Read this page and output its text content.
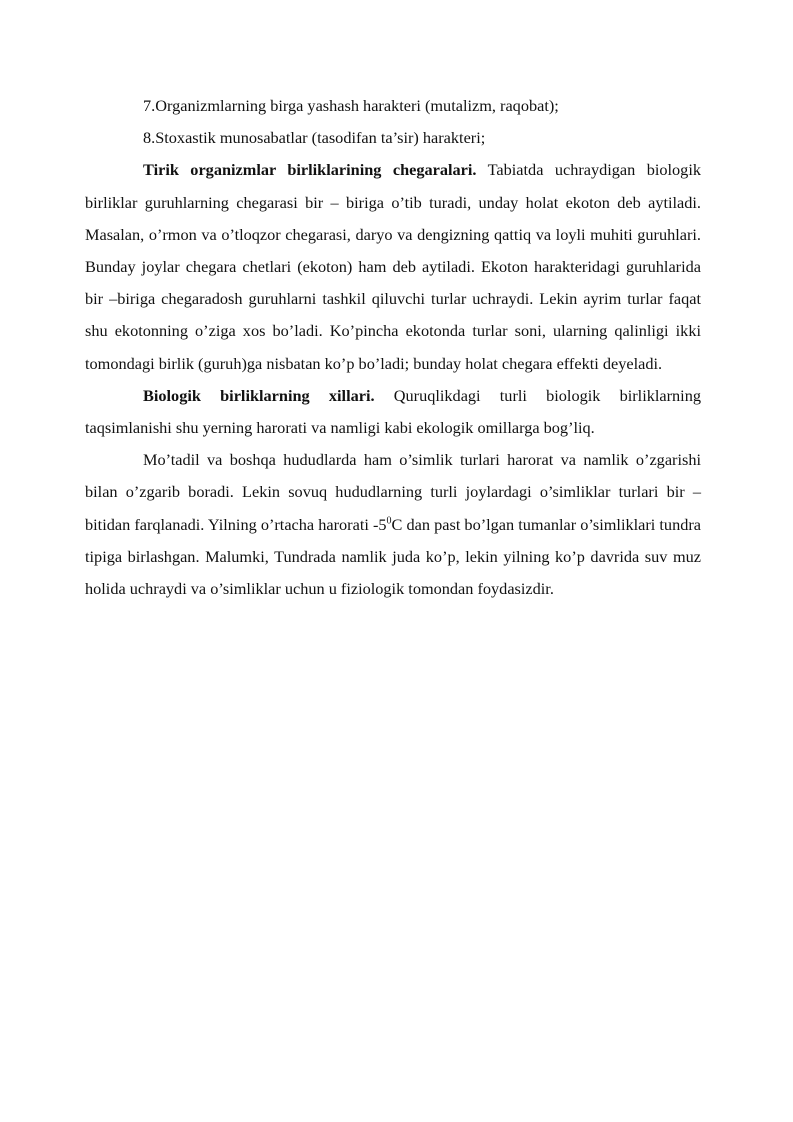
7.Organizmlarning birga yashash harakteri (mutalizm, raqobat);

8.Stoxastik munosabatlar (tasodifan ta’sir) harakteri;

Tirik organizmlar birliklarining chegaralari. Tabiatda uchraydigan biologik birliklar guruhlarning chegarasi bir – biriga o’tib turadi, unday holat ekoton deb aytiladi. Masalan, o’rmon va o’tloqzor chegarasi, daryo va dengizning qattiq va loyli muhiti guruhlari. Bunday joylar chegara chetlari (ekoton) ham deb aytiladi. Ekoton harakteridagi guruhlarida bir –biriga chegaradosh guruhlarni tashkil qiluvchi turlar uchraydi. Lekin ayrim turlar faqat shu ekotonning o’ziga xos bo’ladi. Ko’pincha ekotonda turlar soni, ularning qalinligi ikki tomondagi birlik (guruh)ga nisbatan ko’p bo’ladi; bunday holat chegara effekti deyeladi.

Biologik birliklarning xillari. Quruqlikdagi turli biologik birliklarning taqsimlanishi shu yerning harorati va namligi kabi ekologik omillarga bog’liq.

Mo’tadil va boshqa hududlarda ham o’simlik turlari harorat va namlik o’zgarishi bilan o’zgarib boradi. Lekin sovuq hududlarning turli joylardagi o’simliklar turlari bir – bitidan farqlanadi. Yilning o’rtacha harorati $-5^0C$ dan past bo’lgan tumanlar o’simliklari tundra tipiga birlashgan. Malumki, Tundrada namlik juda ko’p, lekin yilning ko’p davrida suv muz holida uchraydi va o’simliklar uchun u fiziologik tomondan foydasizdir.
